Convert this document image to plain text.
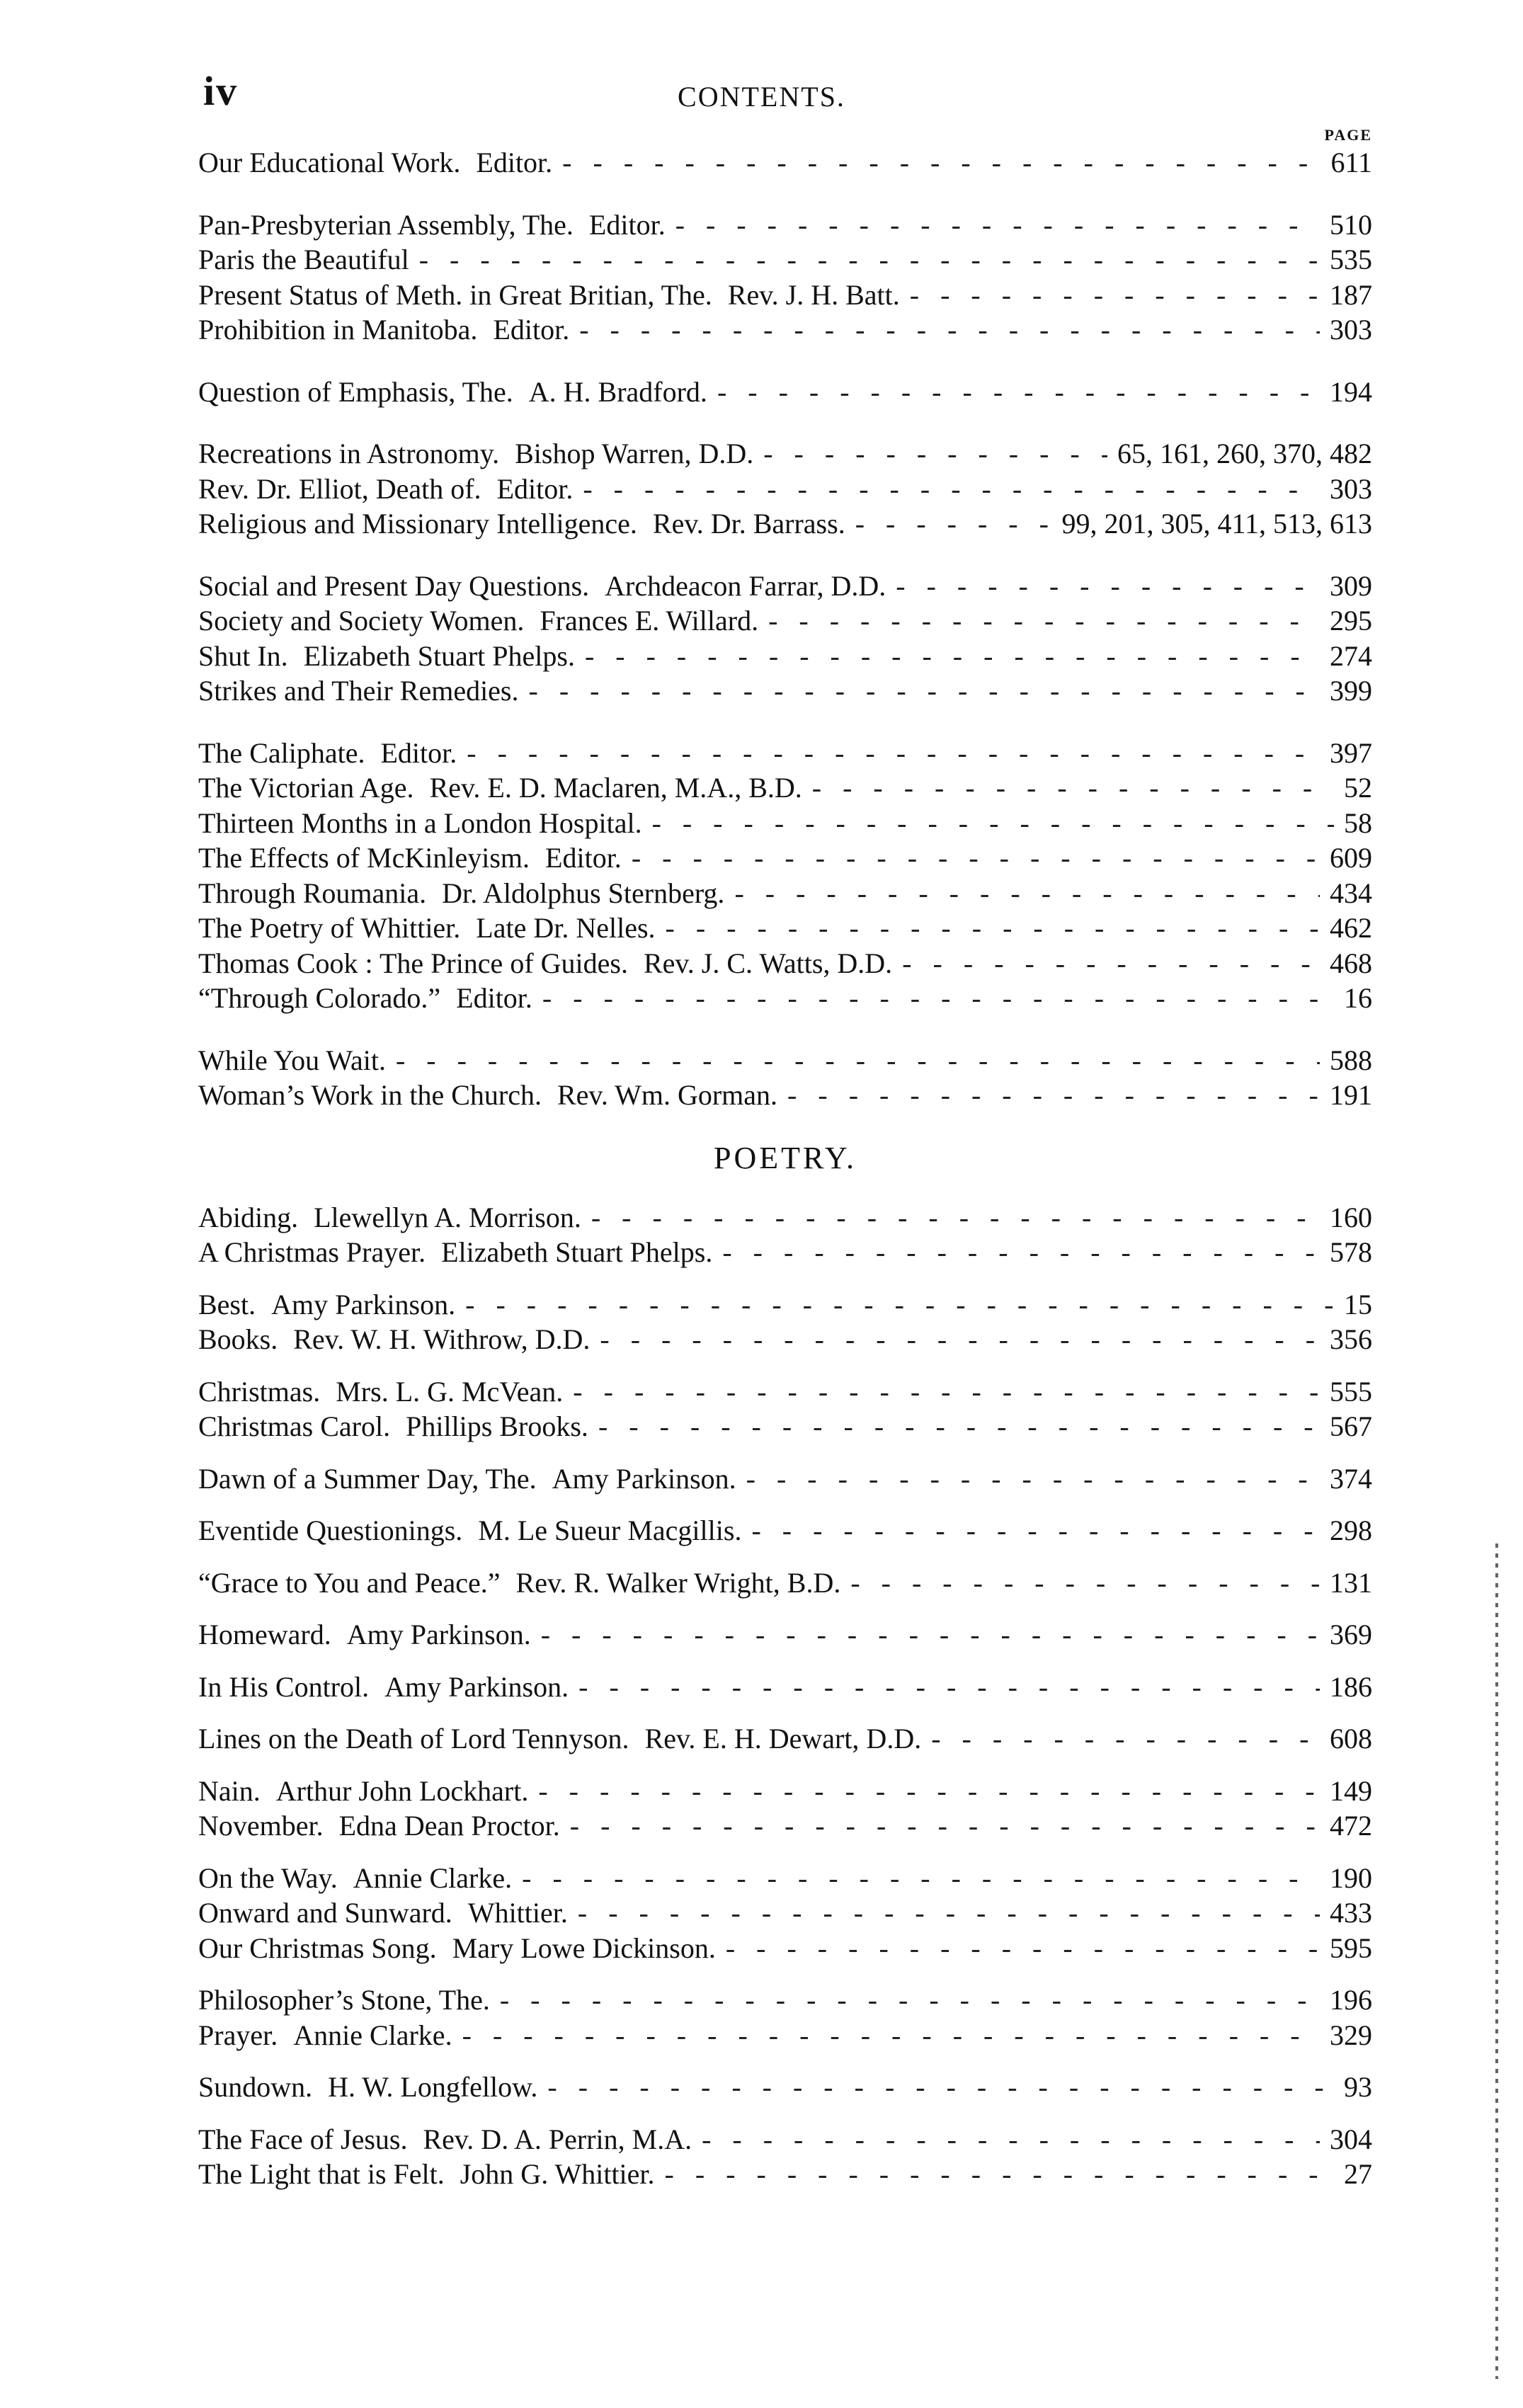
iv	CONTENTS.
PAGE
Our Educational Work. Editor. - -	611
Pan-Presbyterian Assembly, The. Editor. - -	510
Paris the Beautiful - -	535
Present Status of Meth. in Great Britian, The. Rev. J. H. Batt. - -	187
Prohibition in Manitoba. Editor. - -	303
Question of Emphasis, The. A. H. Bradford. - -	194
Recreations in Astronomy. Bishop Warren, D.D. - -	65, 161, 260, 370, 482
Rev. Dr. Elliot, Death of. Editor. - -	303
Religious and Missionary Intelligence. Rev. Dr. Barrass. - -	99, 201, 305, 411, 513, 613
Social and Present Day Questions. Archdeacon Farrar, D.D. - -	309
Society and Society Women. Frances E. Willard. - -	295
Shut In. Elizabeth Stuart Phelps. - -	274
Strikes and Their Remedies. - -	399
The Caliphate. Editor. - -	397
The Victorian Age. Rev. E. D. Maclaren, M.A., B.D. - -	52
Thirteen Months in a London Hospital. - -	58
The Effects of McKinleyism. Editor. - -	609
Through Roumania. Dr. Aldolphus Sternberg. - -	434
The Poetry of Whittier. Late Dr. Nelles. - -	462
Thomas Cook : The Prince of Guides. Rev. J. C. Watts, D.D. - -	468
“Through Colorado.” Editor. - -	16
While You Wait. - -	588
Woman’s Work in the Church. Rev. Wm. Gorman. - -	191
POETRY.
Abiding. Llewellyn A. Morrison. - -	160
A Christmas Prayer. Elizabeth Stuart Phelps. - -	578
Best. Amy Parkinson. - -	15
Books. Rev. W. H. Withrow, D.D. - -	356
Christmas. Mrs. L. G. McVean. - -	555
Christmas Carol. Phillips Brooks. - -	567
Dawn of a Summer Day, The. Amy Parkinson. - -	374
Eventide Questionings. M. Le Sueur Macgillis. - -	298
“Grace to You and Peace.” Rev. R. Walker Wright, B.D. - -	131
Homeward. Amy Parkinson. - -	369
In His Control. Amy Parkinson. - -	186
Lines on the Death of Lord Tennyson. Rev. E. H. Dewart, D.D. - -	608
Nain. Arthur John Lockhart. - -	149
November. Edna Dean Proctor. - -	472
On the Way. Annie Clarke. - -	190
Onward and Sunward. Whittier. - -	433
Our Christmas Song. Mary Lowe Dickinson. - -	595
Philosopher’s Stone, The. - -	196
Prayer. Annie Clarke. - -	329
Sundown. H. W. Longfellow. - -	93
The Face of Jesus. Rev. D. A. Perrin, M.A. - -	304
The Light that is Felt. John G. Whittier. - -	27
